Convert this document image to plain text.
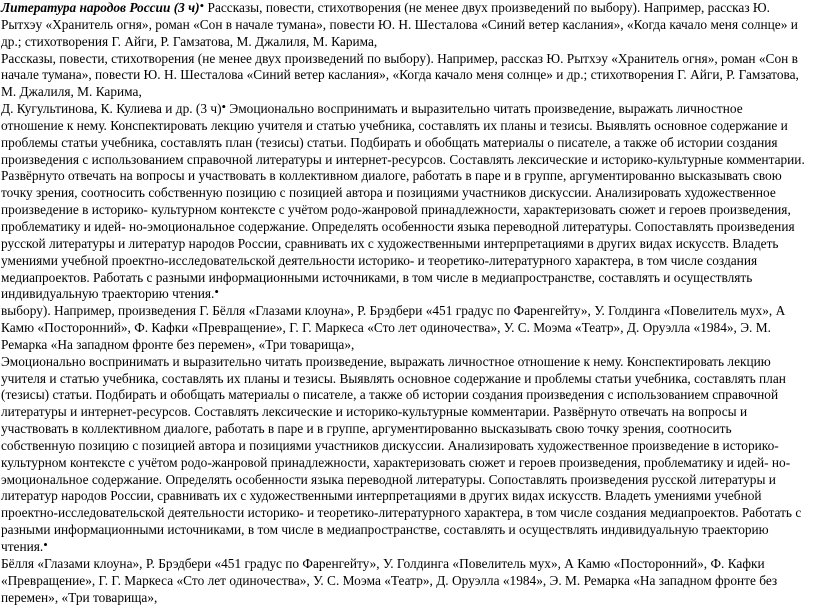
Литература народов России (3 ч)• Рассказы, повести, стихотворения (не менее двух произведений по выбору). Например, рассказ Ю.
Рытхэу «Хранитель огня», роман «Сон в начале тумана», повести Ю. Н. Шесталова «Синий ветер каслания», «Когда качало меня солнце» и
др.; стихотворения Г. Айги, Р. Гамзатова, М. Джалиля, М. Карима,
Рассказы, повести, стихотворения (не менее двух произведений по выбору). Например, рассказ Ю. Рытхэу «Хранитель огня», роман «Сон в
начале тумана», повести Ю. Н. Шесталова «Синий ветер каслания», «Когда качало меня солнце» и др.; стихотворения Г. Айги, Р. Гамзатова,
М. Джалиля, М. Карима,
Д. Кугультинова, К. Кулиева и др. (3 ч)• Эмоционально воспринимать и выразительно читать произведение, выражать личностное
отношение к нему. Конспектировать лекцию учителя и статью учебника, составлять их планы и тезисы. Выявлять основное содержание и
проблемы статьи учебника, составлять план (тезисы) статьи. Подбирать и обобщать материалы о писателе, а также об истории создания
произведения с использованием справочной литературы и интернет-ресурсов. Составлять лексические и историко-культурные комментарии.
Развёрнуто отвечать на вопросы и участвовать в коллективном диалоге, работать в паре и в группе, аргументированно высказывать свою
точку зрения, соотносить собственную позицию с позицией автора и позициями участников дискуссии. Анализировать художественное
произведение в историко- культурном контексте с учётом родо-жанровой принадлежности, характеризовать сюжет и героев произведения,
проблематику и идей- но-эмоциональное содержание. Определять особенности языка переводной литературы. Сопоставлять произведения
русской литературы и литератур народов России, сравнивать их с художественными интерпретациями в других видах искусств. Владеть
умениями учебной проектно-исследовательской деятельности историко- и теоретико-литературного характера, в том числе создания
медиапроектов. Работать с разными информационными источниками, в том числе в медиапространстве, составлять и осуществлять
индивидуальную траекторию чтения.•
выбору). Например, произведения Г. Бёлля «Глазами клоуна», Р. Брэдбери «451 градус по Фаренгейту», У. Голдинга «Повелитель мух», А
Камю «Посторонний», Ф. Кафки «Превращение», Г. Г. Маркеса «Сто лет одиночества», У. С. Моэма «Театр», Д. Оруэлла «1984», Э. М.
Ремарка «На западном фронте без перемен», «Три товарища»,
Эмоционально воспринимать и выразительно читать произведение, выражать личностное отношение к нему. Конспектировать лекцию
учителя и статью учебника, составлять их планы и тезисы. Выявлять основное содержание и проблемы статьи учебника, составлять план
(тезисы) статьи. Подбирать и обобщать материалы о писателе, а также об истории создания произведения с использованием справочной
литературы и интернет-ресурсов. Составлять лексические и историко-культурные комментарии. Развёрнуто отвечать на вопросы и
участвовать в коллективном диалоге, работать в паре и в группе, аргументированно высказывать свою точку зрения, соотносить
собственную позицию с позицией автора и позициями участников дискуссии. Анализировать художественное произведение в историко-
культурном контексте с учётом родо-жанровой принадлежности, характеризовать сюжет и героев произведения, проблематику и идей- но-
эмоциональное содержание. Определять особенности языка переводной литературы. Сопоставлять произведения русской литературы и
литератур народов России, сравнивать их с художественными интерпретациями в других видах искусств. Владеть умениями учебной
проектно-исследовательской деятельности историко- и теоретико-литературного характера, в том числе создания медиапроектов. Работать с
разными информационными источниками, в том числе в медиапространстве, составлять и осуществлять индивидуальную траекторию
чтения.•
Бёлля «Глазами клоуна», Р. Брэдбери «451 градус по Фаренгейту», У. Голдинга «Повелитель мух», А Камю «Посторонний», Ф. Кафки
«Превращение», Г. Г. Маркеса «Сто лет одиночества», У. С. Моэма «Театр», Д. Оруэлла «1984», Э. М. Ремарка «На западном фронте без
перемен», «Три товарища»,
